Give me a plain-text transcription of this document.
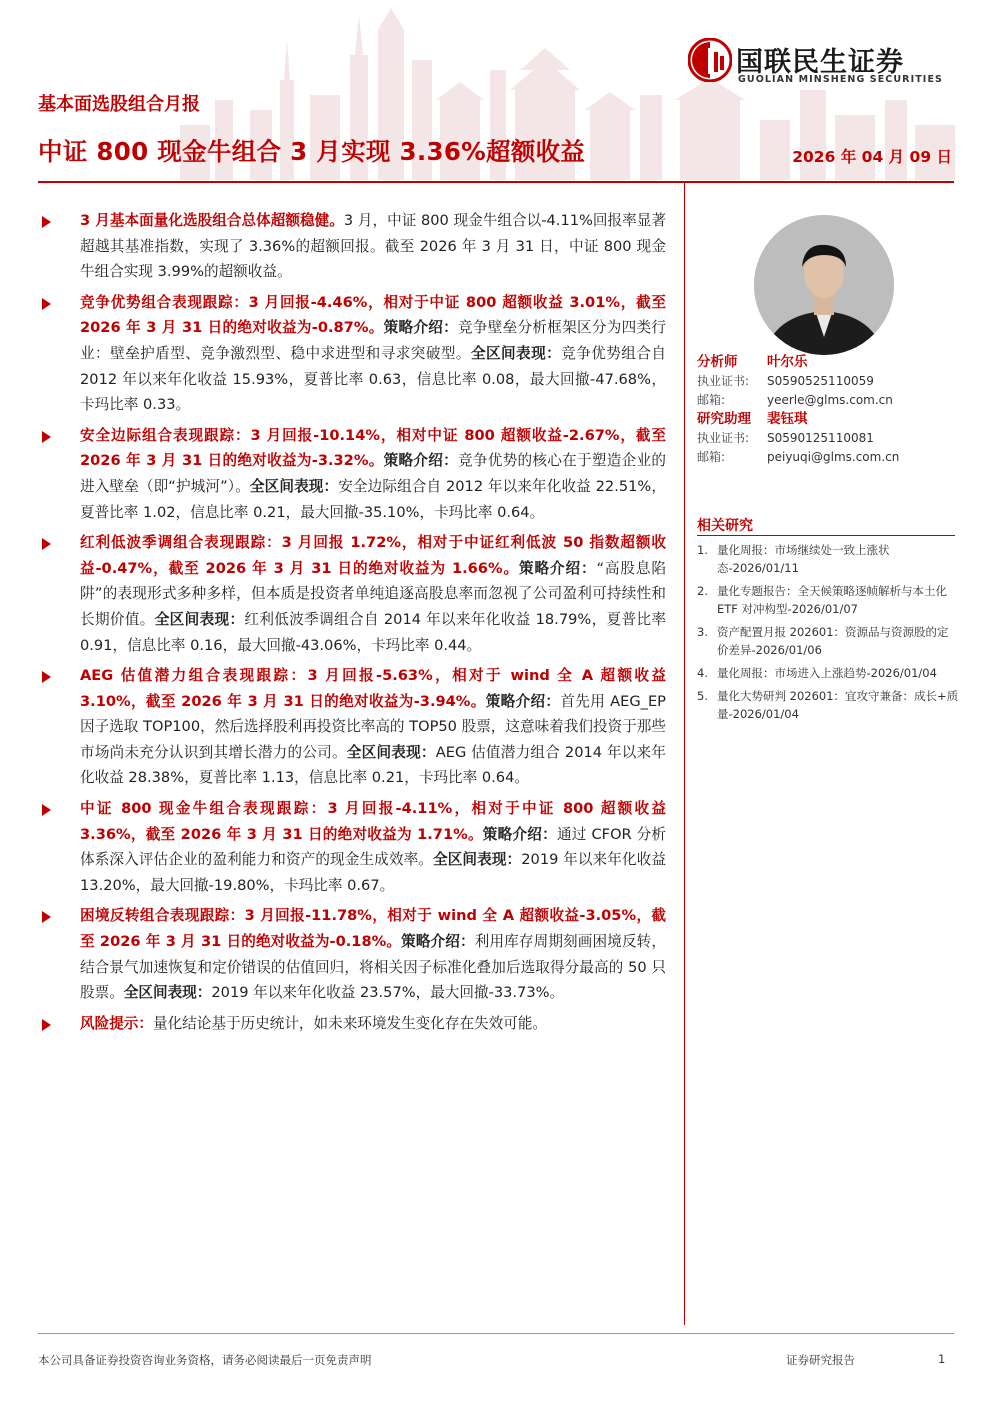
国联民生证券
GUOLIAN MINSHENG SECURITIES
基本面选股组合月报
中证 800 现金牛组合 3 月实现 3.36%超额收益	2026 年 04 月 09 日
3 月基本面量化选股组合总体超额稳健。3 月，中证 800 现金牛组合以-4.11%回报率显著超越其基准指数，实现了 3.36%的超额回报。截至 2026 年 3 月 31 日，中证 800 现金牛组合实现 3.99%的超额收益。
竞争优势组合表现跟踪：3 月回报-4.46%，相对于中证 800 超额收益 3.01%，截至 2026 年 3 月 31 日的绝对收益为-0.87%。策略介绍：竞争壁垒分析框架区分为四类行业：壁垒护盾型、竞争激烈型、稳中求进型和寻求突破型。全区间表现：竞争优势组合自 2012 年以来年化收益 15.93%，夏普比率 0.63，信息比率 0.08，最大回撤-47.68%，卡玛比率 0.33。
安全边际组合表现跟踪：3 月回报-10.14%，相对中证 800 超额收益-2.67%，截至 2026 年 3 月 31 日的绝对收益为-3.32%。策略介绍：竞争优势的核心在于塑造企业的进入壁垒（即“护城河”）。全区间表现：安全边际组合自 2012 年以来年化收益 22.51%，夏普比率 1.02，信息比率 0.21，最大回撤-35.10%，卡玛比率 0.64。
红利低波季调组合表现跟踪：3 月回报 1.72%，相对于中证红利低波 50 指数超额收益-0.47%，截至 2026 年 3 月 31 日的绝对收益为 1.66%。策略介绍：“高股息陷阱”的表现形式多种多样，但本质是投资者单纯追逐高股息率而忽视了公司盈利可持续性和长期价值。全区间表现：红利低波季调组合自 2014 年以来年化收益 18.79%，夏普比率 0.91，信息比率 0.16，最大回撤-43.06%，卡玛比率 0.44。
AEG 估值潜力组合表现跟踪：3 月回报-5.63%，相对于 wind 全 A 超额收益 3.10%，截至 2026 年 3 月 31 日的绝对收益为-3.94%。策略介绍：首先用 AEG_EP 因子选取 TOP100，然后选择股利再投资比率高的 TOP50 股票，这意味着我们投资于那些市场尚未充分认识到其增长潜力的公司。全区间表现：AEG 估值潜力组合 2014 年以来年化收益 28.38%，夏普比率 1.13，信息比率 0.21，卡玛比率 0.64。
中证 800 现金牛组合表现跟踪：3 月回报-4.11%，相对于中证 800 超额收益 3.36%，截至 2026 年 3 月 31 日的绝对收益为 1.71%。策略介绍：通过 CFOR 分析体系深入评估企业的盈利能力和资产的现金生成效率。全区间表现：2019 年以来年化收益 13.20%，最大回撤-19.80%，卡玛比率 0.67。
困境反转组合表现跟踪：3 月回报-11.78%，相对于 wind 全 A 超额收益-3.05%，截至 2026 年 3 月 31 日的绝对收益为-0.18%。策略介绍：利用库存周期刻画困境反转，结合景气加速恢复和定价错误的估值回归，将相关因子标准化叠加后选取得分最高的 50 只股票。全区间表现：2019 年以来年化收益 23.57%，最大回撤-33.73%。
风险提示：量化结论基于历史统计，如未来环境发生变化存在失效可能。
分析师 叶尔乐
执业证书: S0590525110059
邮箱:	yeerle@glms.com.cn
研究助理 裴钰琪
执业证书: S0590125110081
邮箱:	peiyuqi@glms.com.cn
相关研究
1. 量化周报：市场继续处一致上涨状态-2026/01/11
2. 量化专题报告：全天候策略逐帧解析与本土化 ETF 对冲构型-2026/01/07
3. 资产配置月报 202601：资源品与资源股的定价差异-2026/01/06
4. 量化周报：市场进入上涨趋势-2026/01/04
5. 量化大势研判 202601：宜攻守兼备：成长+质量-2026/01/04
本公司具备证券投资咨询业务资格，请务必阅读最后一页免责声明	证券研究报告	1
